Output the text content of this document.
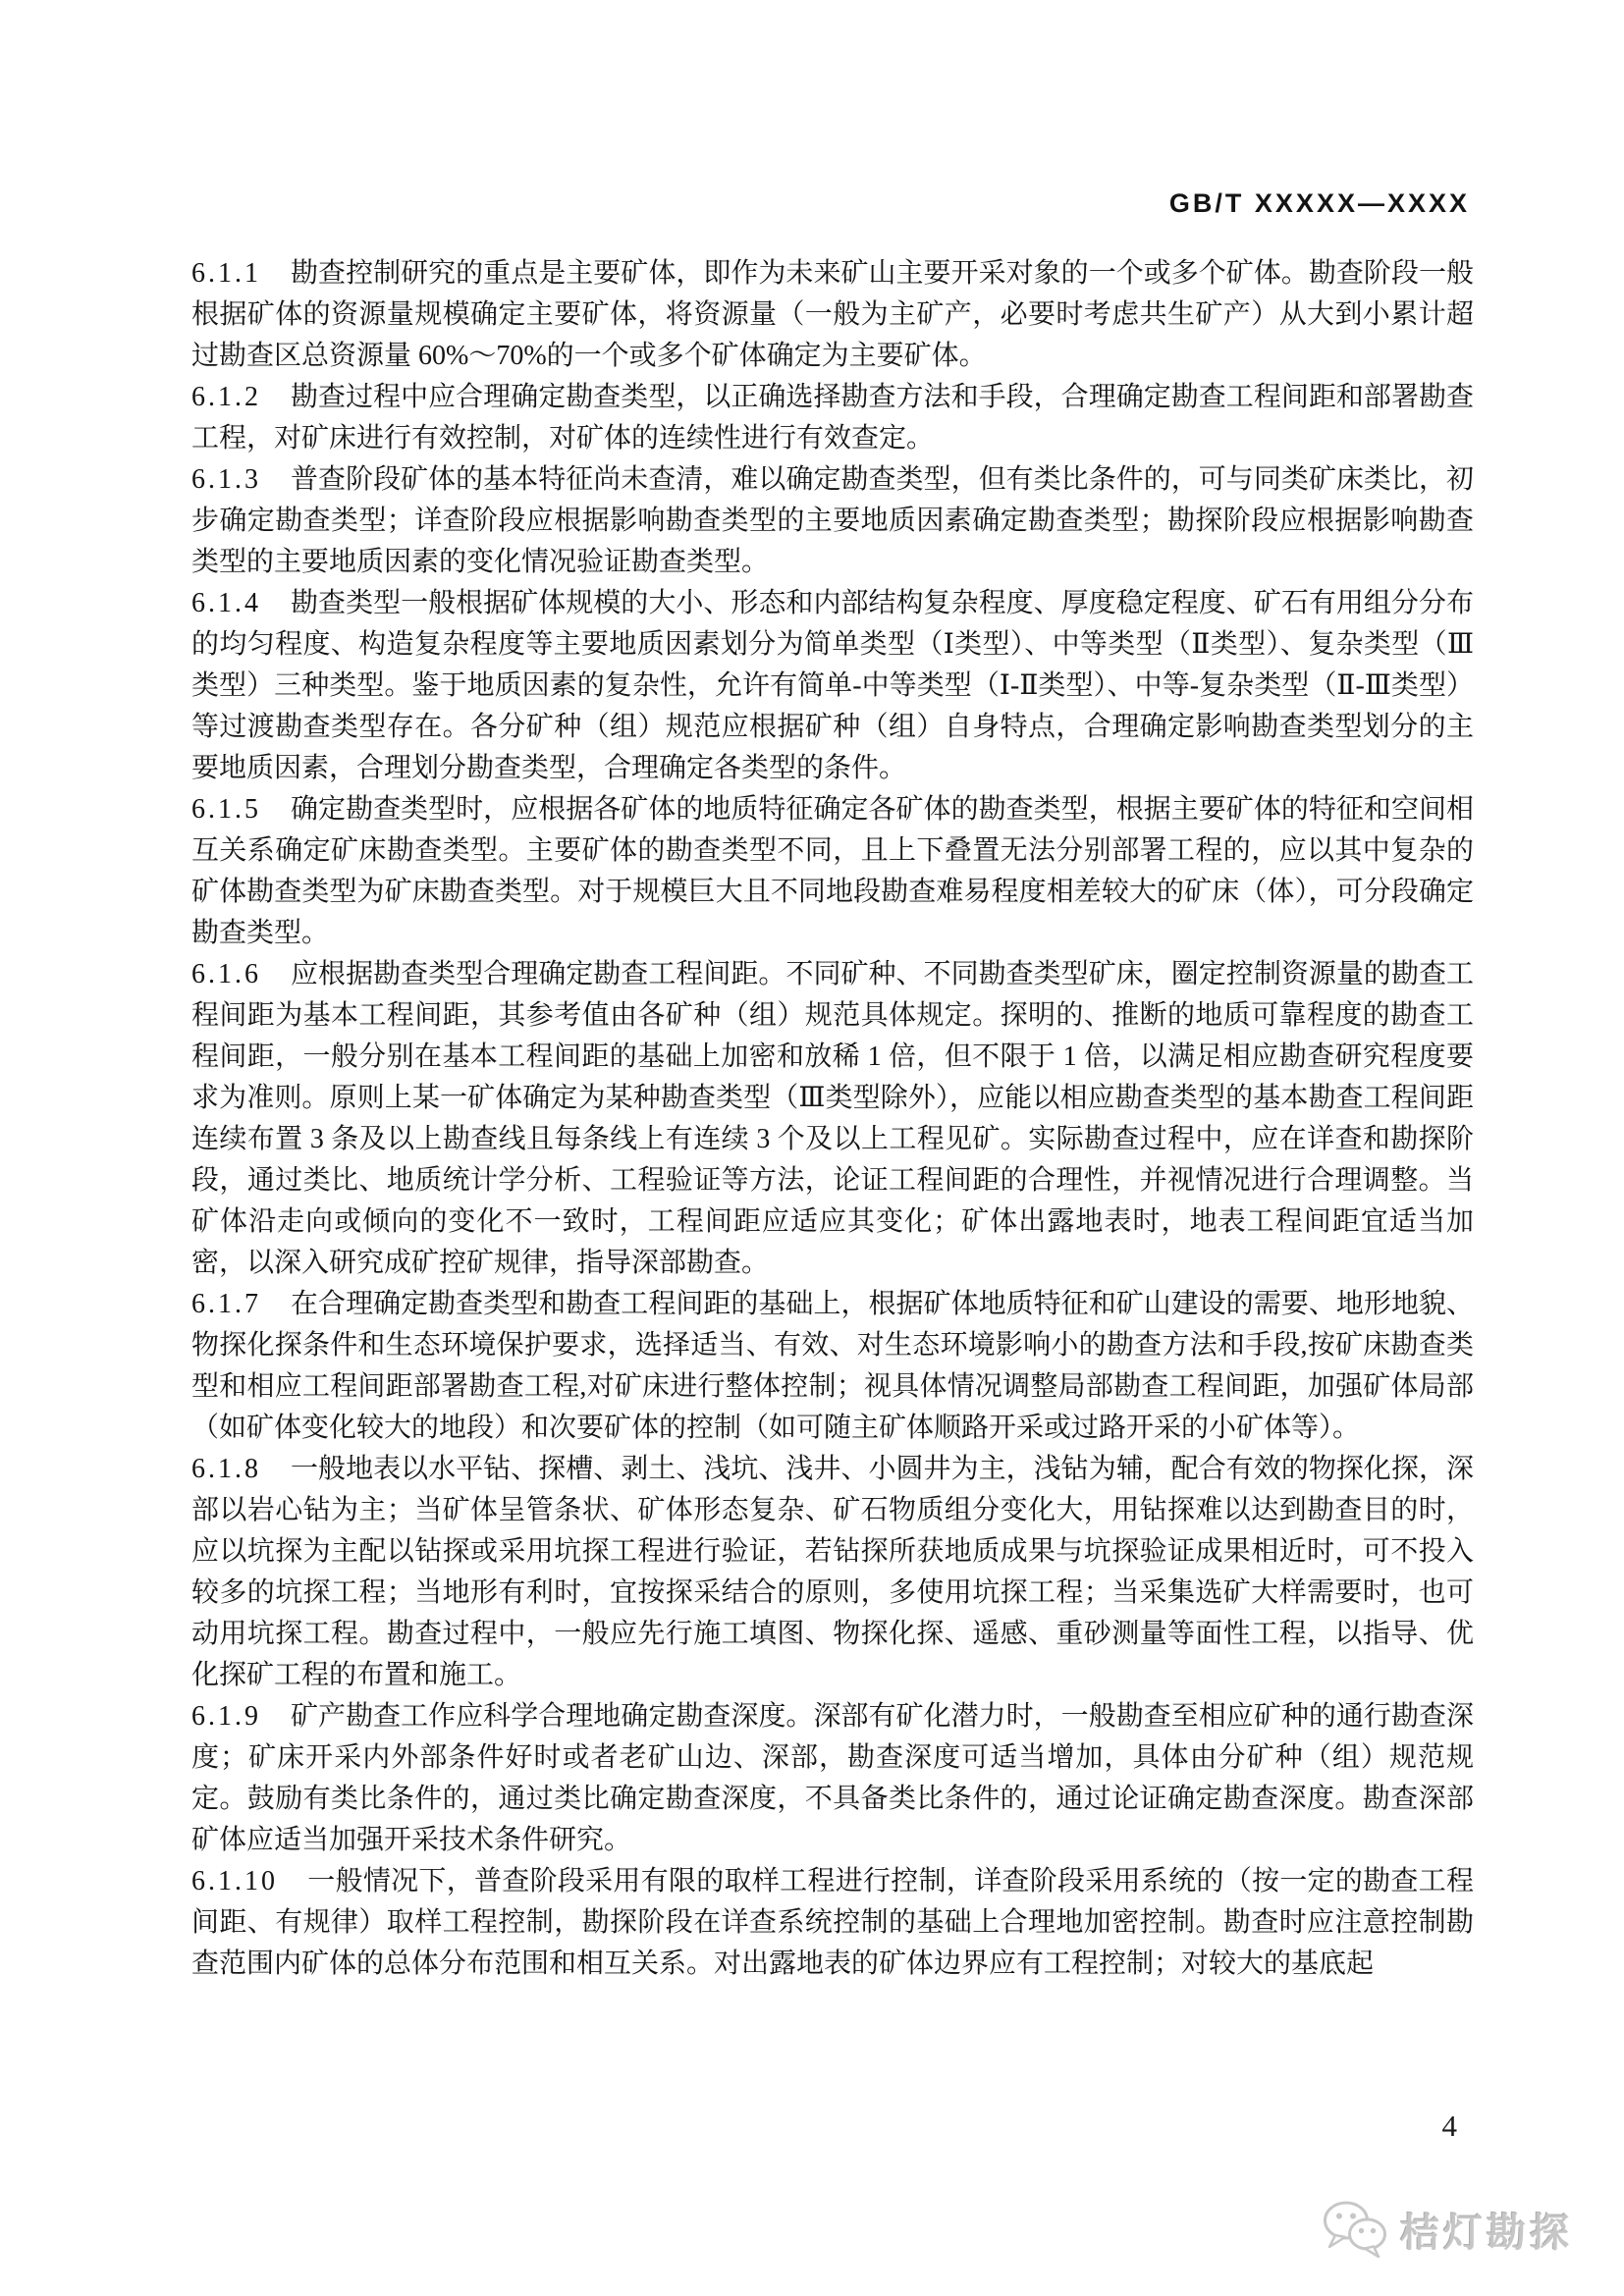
GB/T XXXXX—XXXX

6.1.1 勘查控制研究的重点是主要矿体，即作为未来矿山主要开采对象的一个或多个矿体。勘查阶段一般根据矿体的资源量规模确定主要矿体，将资源量（一般为主矿产，必要时考虑共生矿产）从大到小累计超过勘查区总资源量 60%～70%的一个或多个矿体确定为主要矿体。

6.1.2 勘查过程中应合理确定勘查类型，以正确选择勘查方法和手段，合理确定勘查工程间距和部署勘查工程，对矿床进行有效控制，对矿体的连续性进行有效查定。

6.1.3 普查阶段矿体的基本特征尚未查清，难以确定勘查类型，但有类比条件的，可与同类矿床类比，初步确定勘查类型；详查阶段应根据影响勘查类型的主要地质因素确定勘查类型；勘探阶段应根据影响勘查类型的主要地质因素的变化情况验证勘查类型。

6.1.4 勘查类型一般根据矿体规模的大小、形态和内部结构复杂程度、厚度稳定程度、矿石有用组分分布的均匀程度、构造复杂程度等主要地质因素划分为简单类型（Ⅰ类型）、中等类型（Ⅱ类型）、复杂类型（Ⅲ类型）三种类型。鉴于地质因素的复杂性，允许有简单-中等类型（Ⅰ-Ⅱ类型）、中等-复杂类型（Ⅱ-Ⅲ类型）等过渡勘查类型存在。各分矿种（组）规范应根据矿种（组）自身特点，合理确定影响勘查类型划分的主要地质因素，合理划分勘查类型，合理确定各类型的条件。

6.1.5 确定勘查类型时，应根据各矿体的地质特征确定各矿体的勘查类型，根据主要矿体的特征和空间相互关系确定矿床勘查类型。主要矿体的勘查类型不同，且上下叠置无法分别部署工程的，应以其中复杂的矿体勘查类型为矿床勘查类型。对于规模巨大且不同地段勘查难易程度相差较大的矿床（体），可分段确定勘查类型。

6.1.6 应根据勘查类型合理确定勘查工程间距。不同矿种、不同勘查类型矿床，圈定控制资源量的勘查工程间距为基本工程间距，其参考值由各矿种（组）规范具体规定。探明的、推断的地质可靠程度的勘查工程间距，一般分别在基本工程间距的基础上加密和放稀 1 倍，但不限于 1 倍，以满足相应勘查研究程度要求为准则。原则上某一矿体确定为某种勘查类型（Ⅲ类型除外），应能以相应勘查类型的基本勘查工程间距连续布置 3 条及以上勘查线且每条线上有连续 3 个及以上工程见矿。实际勘查过程中，应在详查和勘探阶段，通过类比、地质统计学分析、工程验证等方法，论证工程间距的合理性，并视情况进行合理调整。当矿体沿走向或倾向的变化不一致时，工程间距应适应其变化；矿体出露地表时，地表工程间距宜适当加密，以深入研究成矿控矿规律，指导深部勘查。

6.1.7 在合理确定勘查类型和勘查工程间距的基础上，根据矿体地质特征和矿山建设的需要、地形地貌、物探化探条件和生态环境保护要求，选择适当、有效、对生态环境影响小的勘查方法和手段,按矿床勘查类型和相应工程间距部署勘查工程,对矿床进行整体控制；视具体情况调整局部勘查工程间距，加强矿体局部（如矿体变化较大的地段）和次要矿体的控制（如可随主矿体顺路开采或过路开采的小矿体等）。

6.1.8 一般地表以水平钻、探槽、剥土、浅坑、浅井、小圆井为主，浅钻为辅，配合有效的物探化探，深部以岩心钻为主；当矿体呈管条状、矿体形态复杂、矿石物质组分变化大，用钻探难以达到勘查目的时，应以坑探为主配以钻探或采用坑探工程进行验证，若钻探所获地质成果与坑探验证成果相近时，可不投入较多的坑探工程；当地形有利时，宜按探采结合的原则，多使用坑探工程；当采集选矿大样需要时，也可动用坑探工程。勘查过程中，一般应先行施工填图、物探化探、遥感、重砂测量等面性工程，以指导、优化探矿工程的布置和施工。

6.1.9 矿产勘查工作应科学合理地确定勘查深度。深部有矿化潜力时，一般勘查至相应矿种的通行勘查深度；矿床开采内外部条件好时或者老矿山边、深部，勘查深度可适当增加，具体由分矿种（组）规范规定。鼓励有类比条件的，通过类比确定勘查深度，不具备类比条件的，通过论证确定勘查深度。勘查深部矿体应适当加强开采技术条件研究。

6.1.10 一般情况下，普查阶段采用有限的取样工程进行控制，详查阶段采用系统的（按一定的勘查工程间距、有规律）取样工程控制，勘探阶段在详查系统控制的基础上合理地加密控制。勘查时应注意控制勘查范围内矿体的总体分布范围和相互关系。对出露地表的矿体边界应有工程控制；对较大的基底起

4
桔灯勘探
